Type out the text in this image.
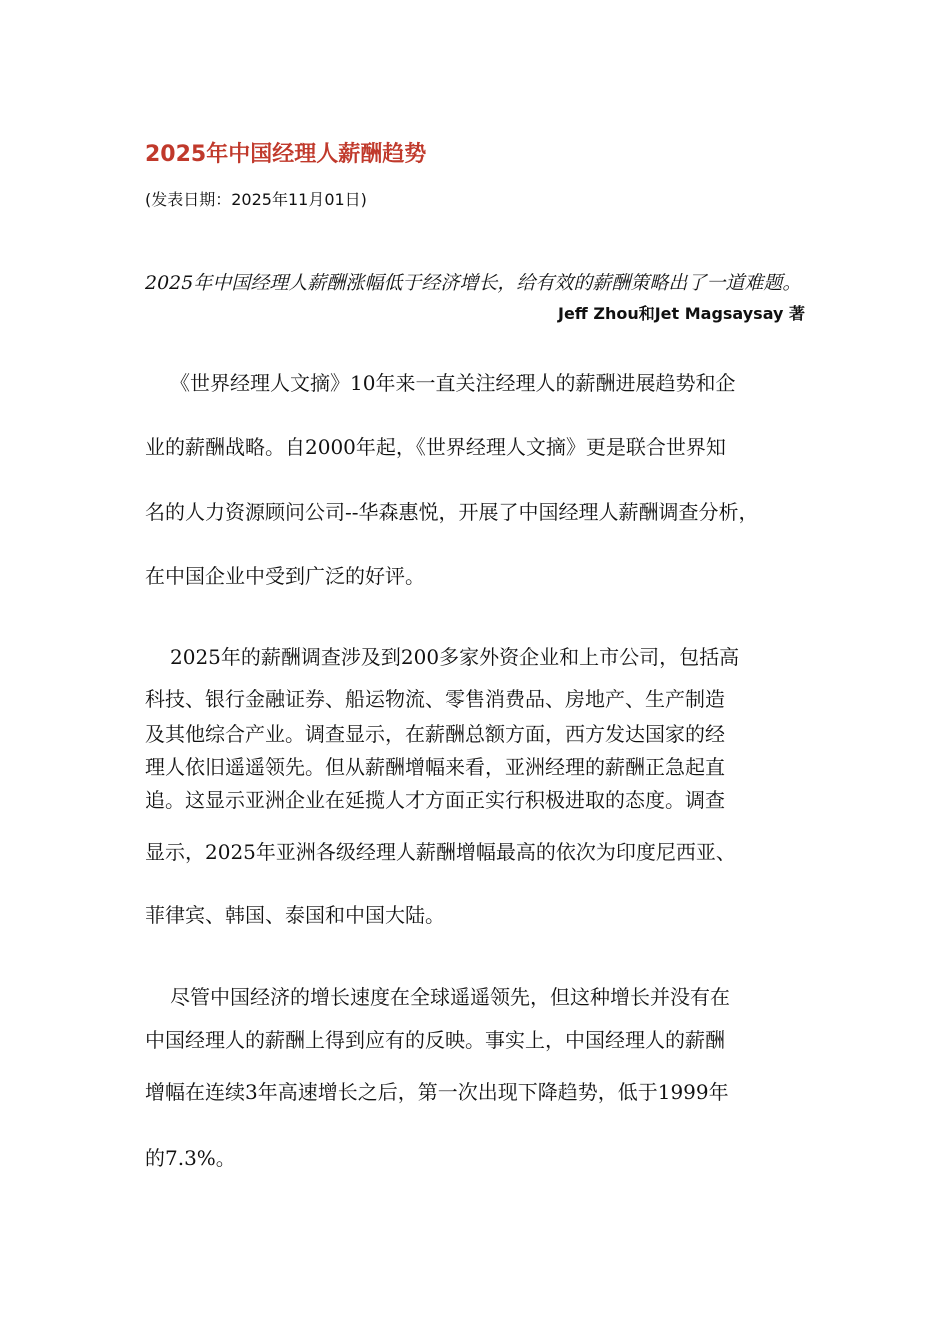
2025年中国经理人薪酬趋势
(发表日期：2025年11月01日)
2025年中国经理人薪酬涨幅低于经济增长，给有效的薪酬策略出了一道难题。
Jeff Zhou和Jet Magsaysay 著
《世界经理人文摘》10年来一直关注经理人的薪酬进展趋势和企
业的薪酬战略。自2000年起，《世界经理人文摘》更是联合世界知
名的人力资源顾问公司--华森惠悦，开展了中国经理人薪酬调查分析，
在中国企业中受到广泛的好评。
2025年的薪酬调查涉及到200多家外资企业和上市公司，包括高
科技、银行金融证券、船运物流、零售消费品、房地产、生产制造
及其他综合产业。调查显示，在薪酬总额方面，西方发达国家的经
理人依旧遥遥领先。但从薪酬增幅来看，亚洲经理的薪酬正急起直
追。这显示亚洲企业在延揽人才方面正实行积极进取的态度。调查
显示，2025年亚洲各级经理人薪酬增幅最高的依次为印度尼西亚、
菲律宾、韩国、泰国和中国大陆。
尽管中国经济的增长速度在全球遥遥领先，但这种增长并没有在
中国经理人的薪酬上得到应有的反映。事实上，中国经理人的薪酬
增幅在连续3年高速增长之后，第一次出现下降趋势，低于1999年
的7.3%。
